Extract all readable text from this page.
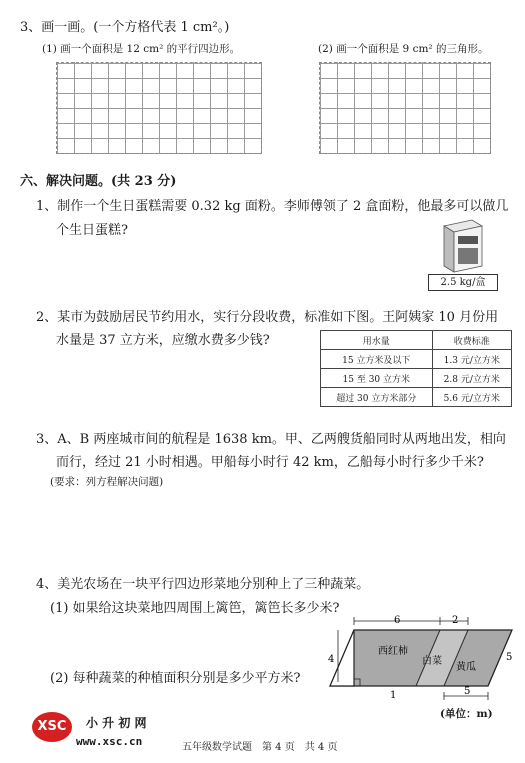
3、画一画。(一个方格代表 1 cm²。)
(1) 画一个面积是 12 cm² 的平行四边形。	(2) 画一个面积是 9 cm² 的三角形。
六、解决问题。(共 23 分)
1、制作一个生日蛋糕需要 0.32 kg 面粉。李师傅领了 2 盒面粉，他最多可以做几
个生日蛋糕?
2.5 kg/盒
2、某市为鼓励居民节约用水，实行分段收费，标准如下图。王阿姨家 10 月份用
水量是 37 立方米，应缴水费多少钱?	用水量	收费标准
15 立方米及以下	1.3 元/立方米
15 至 30 立方米	2.8 元/立方米
超过 30 立方米部分	5.6 元/立方米
3、A、B 两座城市间的航程是 1638 km。甲、乙两艘货船同时从两地出发，相向
而行，经过 21 小时相遇。甲船每小时行 42 km，乙船每小时行多少千米?
(要求：列方程解决问题)
4、美光农场在一块平行四边形菜地分别种上了三种蔬菜。
(1) 如果给这块菜地四周围上篱笆，篱笆长多少米?
(2) 每种蔬菜的种植面积分别是多少平方米?
西红柿
白菜
黄瓜
6	2
5
4
1	5
(单位：m)
XSC	小 升 初 网
www.xsc.cn	五年级数学试题　第 4 页　共 4 页
